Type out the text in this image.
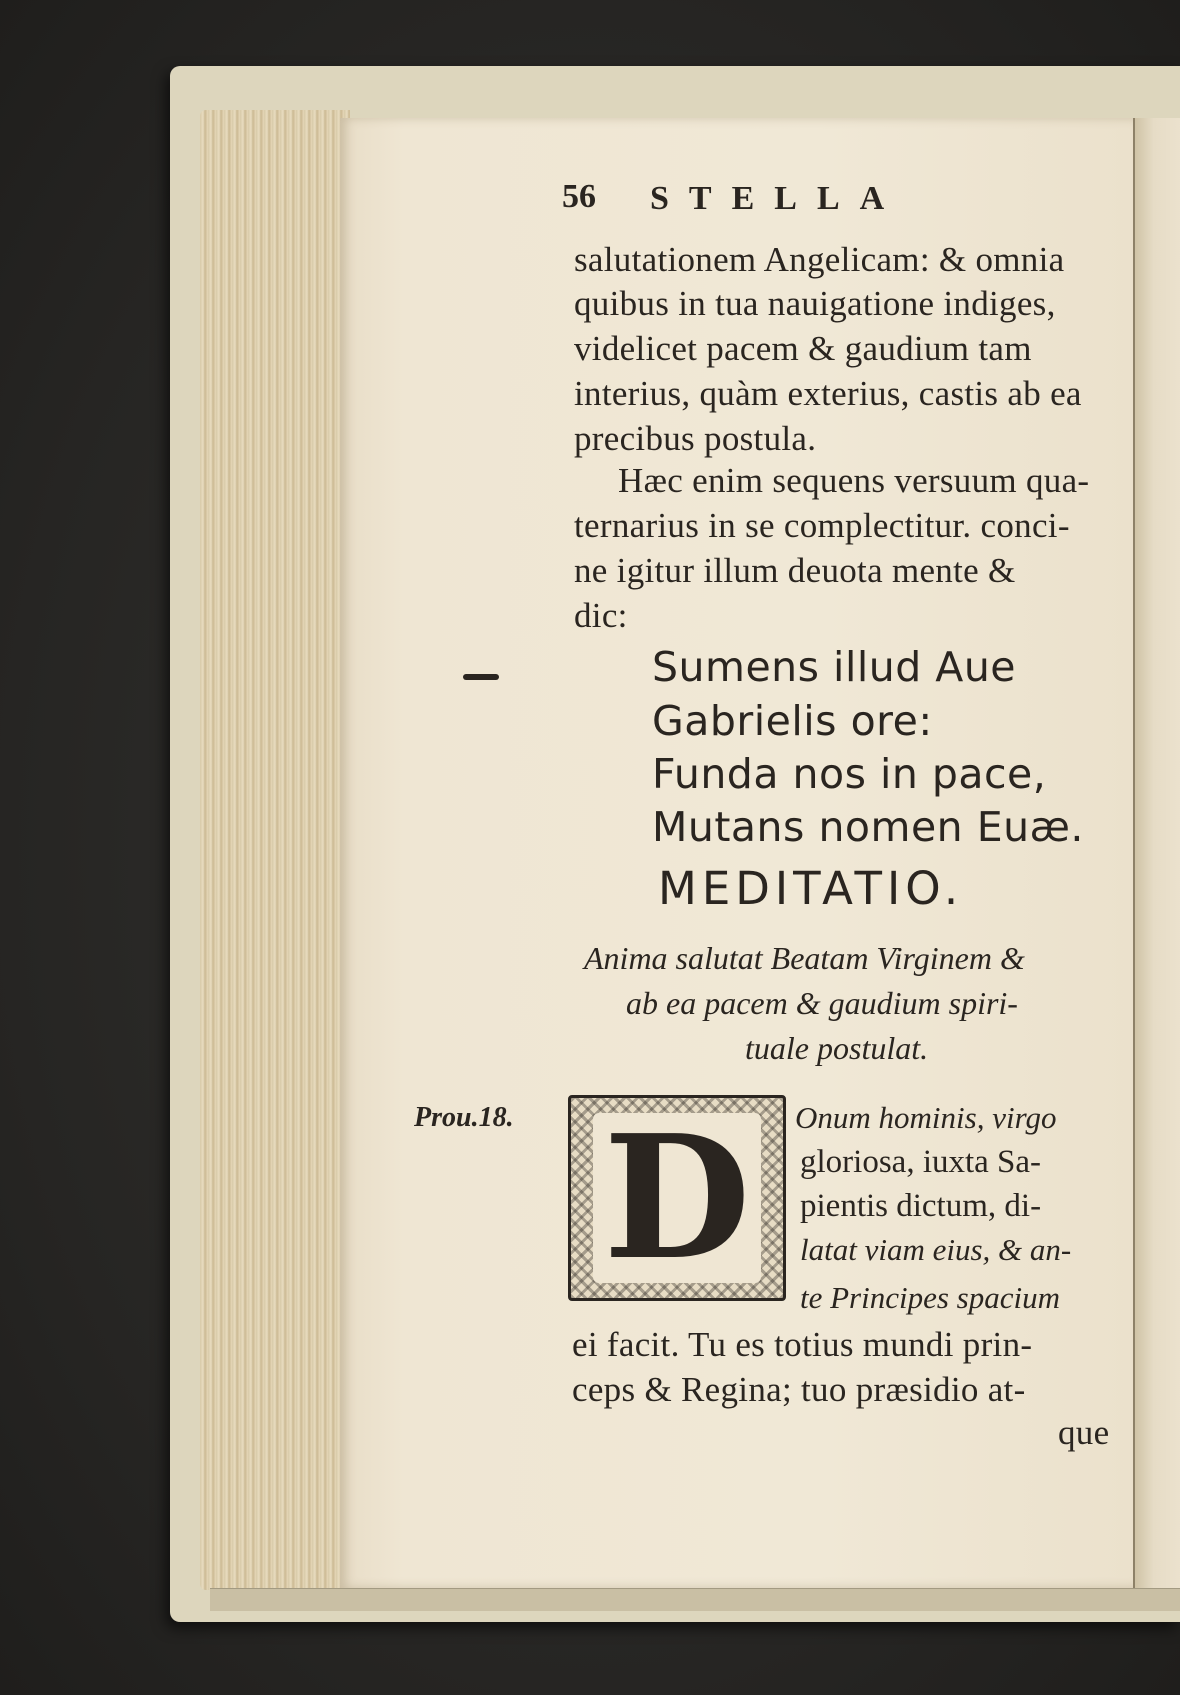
56 STELLA
salutationem Angelicam: & omnia
quibus in tua nauigatione indiges,
videlicet pacem & gaudium tam
interius, quàm exterius, castis ab ea
precibus postula.
Hæc enim sequens versuum qua-
ternarius in se complectitur. conci-
ne igitur illum deuota mente &
dic:
Sumens illud Aue
Gabrielis ore:
Funda nos in pace,
Mutans nomen Euæ.
MEDITATIO.
Anima salutat Beatam Virginem &
ab ea pacem & gaudium spiri-
tuale postulat.
Prou.18. D	Onum hominis, virgo
gloriosa, iuxta Sa-
pientis dictum, di-
latat viam eius, & an-
te Principes spacium
ei facit. Tu es totius mundi prin-
ceps & Regina; tuo præsidio at-
que
